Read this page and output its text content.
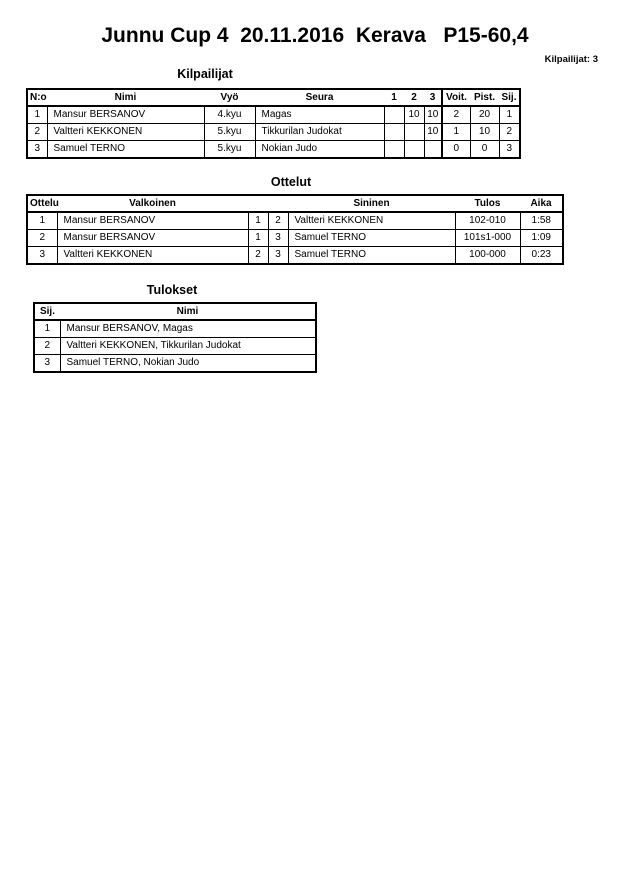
Junnu Cup 4  20.11.2016  Kerava   P15-60,4
Kilpailijat: 3
Kilpailijat
N:o	Nimi	Vyö	Seura	1	2	3	Voit.	Pist.	Sij.
1	Mansur BERSANOV	4.kyu	Magas		10	10	2	20	1
2	Valtteri KEKKONEN	5.kyu	Tikkurilan Judokat			10	1	10	2
3	Samuel TERNO	5.kyu	Nokian Judo				0	0	3
Ottelut
Ottelu	Valkoinen			Sininen	Tulos	Aika
1	Mansur BERSANOV	1	2	Valtteri KEKKONEN	102-010	1:58
2	Mansur BERSANOV	1	3	Samuel TERNO	101s1-000	1:09
3	Valtteri KEKKONEN	2	3	Samuel TERNO	100-000	0:23
Tulokset
Sij.	Nimi
1	Mansur BERSANOV, Magas
2	Valtteri KEKKONEN, Tikkurilan Judokat
3	Samuel TERNO, Nokian Judo
